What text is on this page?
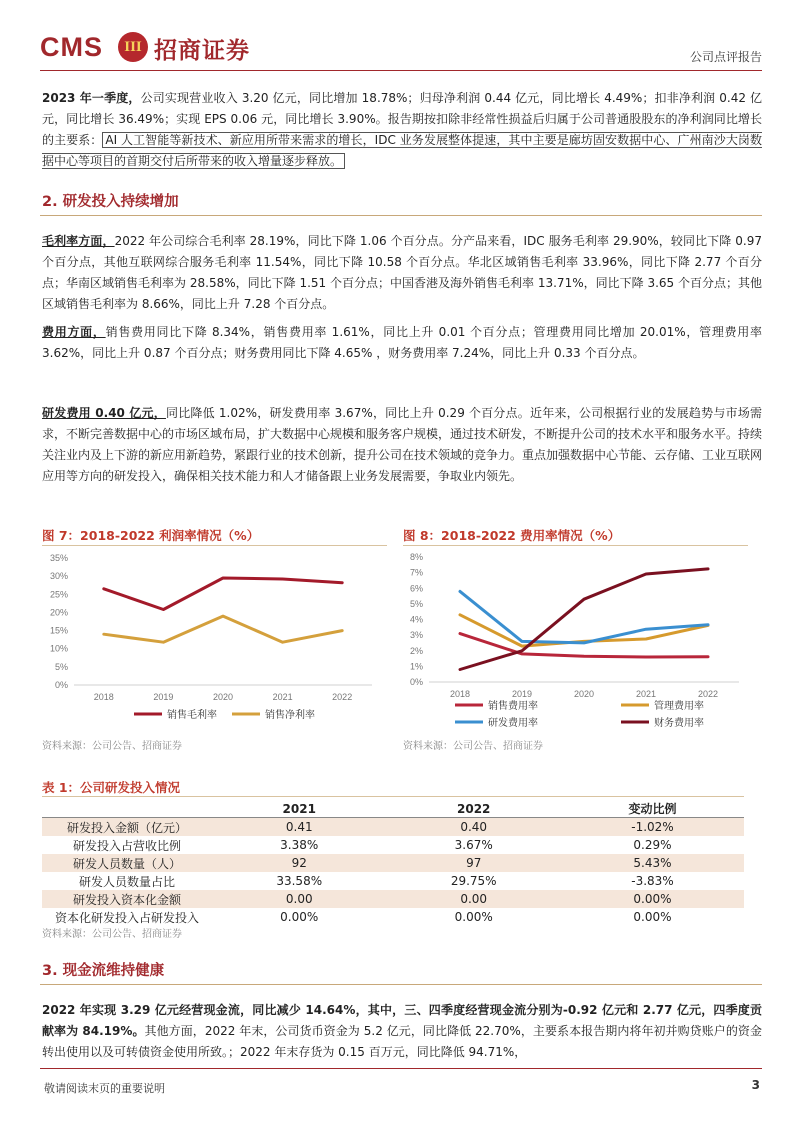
CMS	III 招商证券	公司点评报告
2023 年一季度，公司实现营业收入 3.20 亿元，同比增加 18.78%；归母净利润 0.44 亿元，同比增长 4.49%；扣非净利润 0.42 亿元，同比增长 36.49%；实现 EPS 0.06 元，同比增长 3.90%。报告期按扣除非经常性损益后归属于公司普通股股东的净利润同比增长的主要系： AI 人工智能等新技术、新应用所带来需求的增长，IDC 业务发展整体提速，其中主要是廊坊固安数据中心、广州南沙大岗数据中心等项目的首期交付后所带来的收入增量逐步释放。
2. 研发投入持续增加
毛利率方面，2022 年公司综合毛利率 28.19%，同比下降 1.06 个百分点。分产品来看，IDC 服务毛利率 29.90%，较同比下降 0.97 个百分点，其他互联网综合服务毛利率 11.54%，同比下降 10.58 个百分点。华北区域销售毛利率 33.96%，同比下降 2.77 个百分点；华南区域销售毛利率为 28.58%，同比下降 1.51 个百分点；中国香港及海外销售毛利率 13.71%，同比下降 3.65 个百分点；其他区域销售毛利率为 8.66%，同比上升 7.28 个百分点。
费用方面，销售费用同比下降 8.34%，销售费用率 1.61%，同比上升 0.01 个百分点；管理费用同比增加 20.01%，管理费用率 3.62%，同比上升 0.87 个百分点；财务费用同比下降 4.65% ，财务费用率 7.24%，同比上升 0.33 个百分点。
研发费用 0.40 亿元，同比降低 1.02%，研发费用率 3.67%，同比上升 0.29 个百分点。近年来，公司根据行业的发展趋势与市场需求，不断完善数据中心的市场区域布局，扩大数据中心规模和服务客户规模，通过技术研发，不断提升公司的技术水平和服务水平。持续关注业内及上下游的新应用新趋势，紧跟行业的技术创新，提升公司在技术领域的竞争力。重点加强数据中心节能、云存储、工业互联网应用等方向的研发投入，确保相关技术能力和人才储备跟上业务发展需要，争取业内领先。
图 7：2018-2022 利润率情况（%）
0%
5%
10%
15%
20%
25%
30%
35%
2018	2019	2020	2021	2022
销售毛利率	销售净利率
资料来源：公司公告、招商证券
图 8：2018-2022 费用率情况（%）
0%
1%
2%
3%
4%
5%
6%
7%
8%
2018	2019	2020	2021	2022
销售费用率	管理费用率
研发费用率	财务费用率
资料来源：公司公告、招商证券
表 1：公司研发投入情况
	2021	2022	变动比例
研发投入金额（亿元）	0.41	0.40	-1.02%
研发投入占营收比例	3.38%	3.67%	0.29%
研发人员数量（人）	92	97	5.43%
研发人员数量占比	33.58%	29.75%	-3.83%
研发投入资本化金额	0.00	0.00	0.00%
资本化研发投入占研发投入	0.00%	0.00%	0.00%
资料来源：公司公告、招商证券
3. 现金流维持健康
2022 年实现 3.29 亿元经营现金流，同比减少 14.64%，其中，三、四季度经营现金流分别为-0.92 亿元和 2.77 亿元，四季度贡献率为 84.19%。其他方面，2022 年末，公司货币资金为 5.2 亿元，同比降低 22.70%，主要系本报告期内将年初并购贷账户的资金转出使用以及可转债资金使用所致。；2022 年末存货为 0.15 百万元，同比降低 94.71%，
敬请阅读末页的重要说明	3
